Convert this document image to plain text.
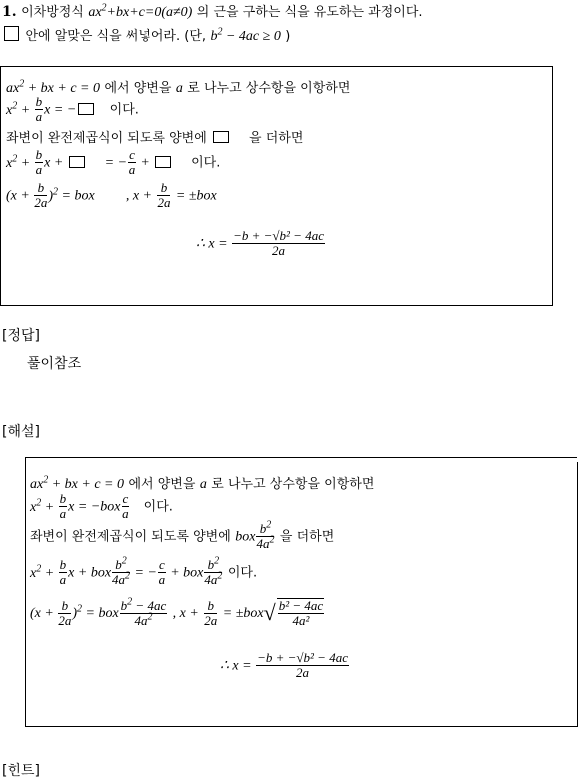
1. 이차방정식 $ax^2+bx+c=0(a\ne 0)$ 의 근을 구하는 식을 유도하는 과정이다.
안에 알맞은 식을 써넣어라. (단, $b^2 - 4ac \ge 0$ )
$ax^2$ + bx + c = 0 에서 양변을 a 로 나누고 상수항을 이항하면
$x^2 + \frac{b}{a}$ x = −	이다.
좌변이 완전제곱식이 되도록 양변에	을 더하면
$x^2 + \frac{b}{a}$ x +	= − $\frac{c}{a}$ +	이다.
$(x + \frac{b}{2a} )^2$ = box , $x + \frac{b}{2a} = \pm box$
∴ $x = \frac{\text{−b + −√b² − 4ac}}{2a}$
[정답]
풀이참조
[해설]
$ax^2$ + bx + c = 0 에서 양변을 a 로 나누고 상수항을 이항하면
$x^2 + \frac{b}{a}$ $x = -box \frac{c}{a}$ 이다.
좌변이 완전제곱식이 되도록 양변에 box $\frac{b^2}{4a^2}$ 을 더하면
$x^2 + \frac{b}{a}$ x + box $\frac{b^2}{4a^2}$ = − $\frac{c}{a}$ + box $\frac{b^2}{4a^2}$ 이다.
$(x + \frac{b}{2a} )^2$ = box $\frac{b^2 - 4ac}{4a^2}$ , $x + \frac{b}{2a} = \pm box√ \frac{\text{b² − 4ac}}{\text{4a²}}$
∴ $x = \frac{\text{−b + −√b² − 4ac}}{2a}$
[힌트]
